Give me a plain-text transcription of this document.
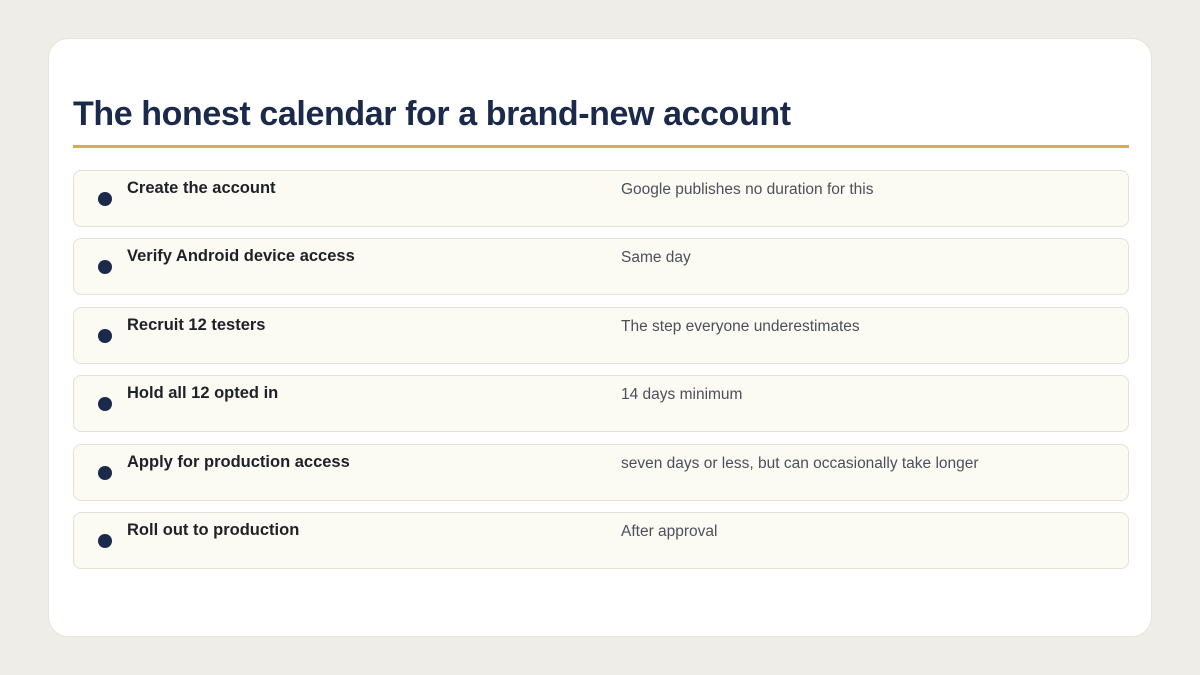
The honest calendar for a brand-new account
Create the account	Google publishes no duration for this
Verify Android device access	Same day
Recruit 12 testers	The step everyone underestimates
Hold all 12 opted in	14 days minimum
Apply for production access	seven days or less, but can occasionally take longer
Roll out to production	After approval
